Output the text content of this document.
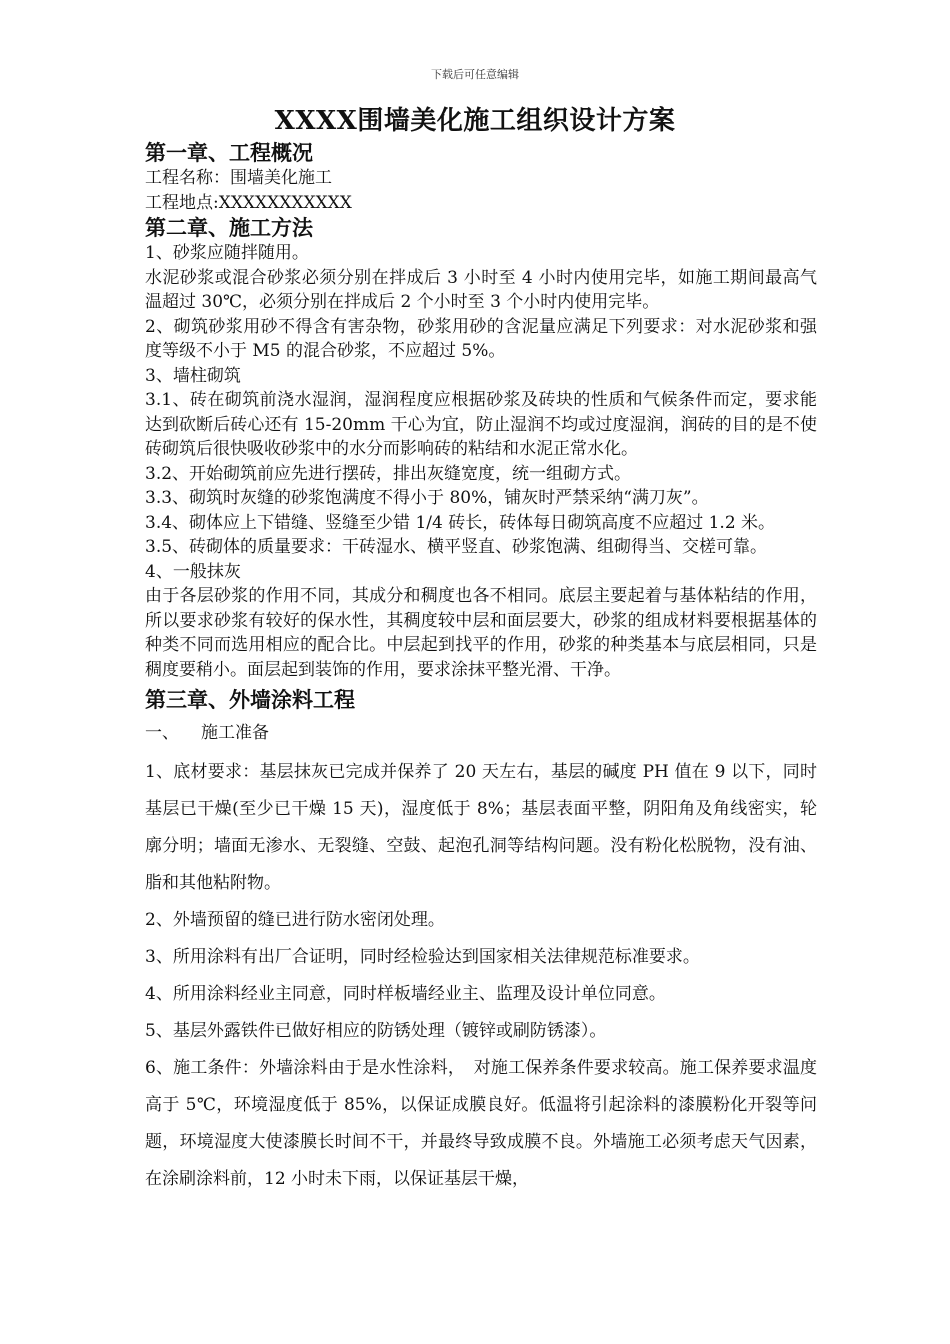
下载后可任意编辑
XXXX围墙美化施工组织设计方案
第一章、工程概况

工程名称：围墙美化施工

工程地点:XXXXXXXXXXX

第二章、施工方法

1、砂浆应随拌随用。

水泥砂浆或混合砂浆必须分别在拌成后 3 小时至 4 小时内使用完毕，如施工期间最高气温超过 30℃，必须分别在拌成后 2 个小时至 3 个小时内使用完毕。

2、砌筑砂浆用砂不得含有害杂物，砂浆用砂的含泥量应满足下列要求：对水泥砂浆和强度等级不小于 M5 的混合砂浆，不应超过 5%。

3、墙柱砌筑

3.1、砖在砌筑前浇水湿润，湿润程度应根据砂浆及砖块的性质和气候条件而定，要求能达到砍断后砖心还有 15-20mm 干心为宜，防止湿润不均或过度湿润，润砖的目的是不使砖砌筑后很快吸收砂浆中的水分而影响砖的粘结和水泥正常水化。

3.2、开始砌筑前应先进行摆砖，排出灰缝宽度，统一组砌方式。

3.3、砌筑时灰缝的砂浆饱满度不得小于 80%，铺灰时严禁采纳“满刀灰”。

3.4、砌体应上下错缝、竖缝至少错 1/4 砖长，砖体每日砌筑高度不应超过 1.2 米。

3.5、砖砌体的质量要求：干砖湿水、横平竖直、砂浆饱满、组砌得当、交槎可靠。

4、一般抹灰

由于各层砂浆的作用不同，其成分和稠度也各不相同。底层主要起着与基体粘结的作用，所以要求砂浆有较好的保水性，其稠度较中层和面层要大，砂浆的组成材料要根据基体的种类不同而选用相应的配合比。中层起到找平的作用，砂浆的种类基本与底层相同，只是稠度要稍小。面层起到装饰的作用，要求涂抹平整光滑、干净。

第三章、外墙涂料工程

一、 施工准备

1、底材要求：基层抹灰已完成并保养了 20 天左右，基层的碱度 PH 值在 9 以下，同时基层已干燥(至少已干燥 15 天)，湿度低于 8%；基层表面平整，阴阳角及角线密实，轮廓分明；墙面无渗水、无裂缝、空鼓、起泡孔洞等结构问题。没有粉化松脱物，没有油、脂和其他粘附物。

2、外墙预留的缝已进行防水密闭处理。

3、所用涂料有出厂合证明，同时经检验达到国家相关法律规范标准要求。

4、所用涂料经业主同意，同时样板墙经业主、监理及设计单位同意。

5、基层外露铁件已做好相应的防锈处理（镀锌或刷防锈漆）。

6、施工条件：外墙涂料由于是水性涂料，　对施工保养条件要求较高。施工保养要求温度高于 5℃，环境湿度低于 85%，以保证成膜良好。低温将引起涂料的漆膜粉化开裂等问题，环境湿度大使漆膜长时间不干，并最终导致成膜不良。外墙施工必须考虑天气因素，在涂刷涂料前，12 小时未下雨，以保证基层干燥，
